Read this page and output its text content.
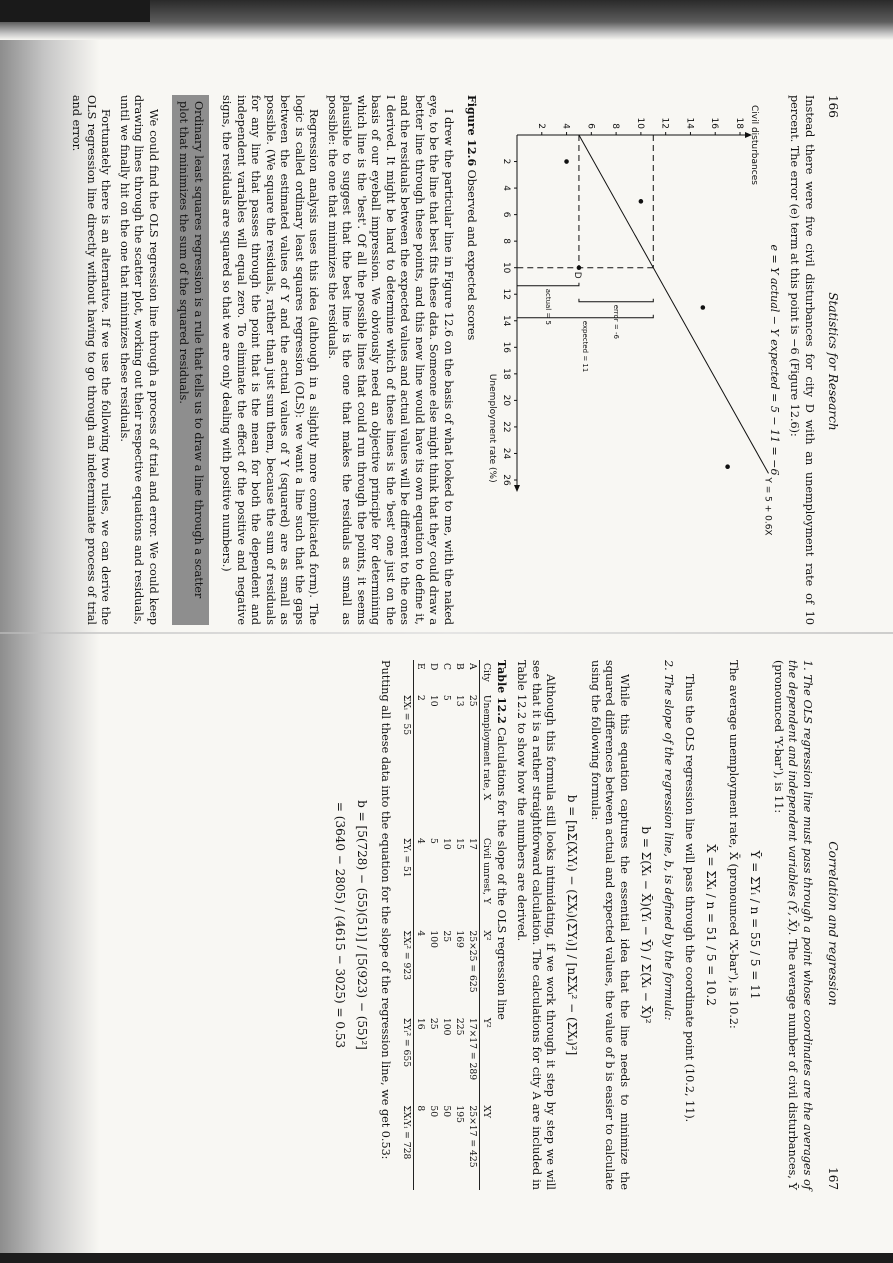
166
Statistics for Research

Instead there were five civil disturbances for city D with an unemployment rate of 10 percent. The error (e) term at this point is −6 (Figure 12.6):

e = Y actual − Y expected = 5 − 11 = −6
2
4
6
8
10
12
14
16
18
20
22
24
26
2 4 6 8 10 12 14 16 18 Civil disturbances
Unemployment rate (%)
Y = 5 + 0.6X
D
actual = 5	error = -6
expected = 11
Figure 12.6 Observed and expected scores

I drew the particular line in Figure 12.6 on the basis of what looked to me, with the naked eye, to be the line that best fits these data. Someone else might think that they could draw a better line through these points, and this new line would have its own equation to define it, and the residuals between the expected values and actual values will be different to the ones I derived. It might be hard to determine which of these lines is the 'best' one just on the basis of our eyeball impression. We obviously need an objective principle for determining which line is the 'best'. Of all the possible lines that could run through the points, it seems plausible to suggest that the best line is the one that makes the residuals as small as possible: the one that minimizes the residuals.

Regression analysis uses this idea (although in a slightly more complicated form). The logic is called ordinary least squares regression (OLS): we want a line such that the gaps between the estimated values of Y and the actual values of Y (squared) are as small as possible. (We square the residuals, rather than just sum them, because the sum of residuals for any line that passes through the point that is the mean for both the dependent and independent variables will equal zero. To eliminate the effect of the positive and negative signs, the residuals are squared so that we are only dealing with positive numbers.)

Ordinary least squares regression is a rule that tells us to draw a line through a scatter plot that minimizes the sum of the squared residuals.

We could find the OLS regression line through a process of trial and error. We could keep drawing lines through the scatter plot, working out their respective equations and residuals, until we finally hit on the one that minimizes these residuals.

Fortunately there is an alternative. If we use the following two rules, we can derive the OLS regression line directly without having to go through an indeterminate process of trial and error.

Correlation and regression
167

1. The OLS regression line must pass through a point whose coordinates are the averages of the dependent and independent variables (Ȳ, X̄). The average number of civil disturbances, Ȳ (pronounced 'Y-bar'), is 11:

Ȳ = ΣYᵢ / n = 55 / 5 = 11

The average unemployment rate, X̄ (pronounced 'X-bar'), is 10.2:

X̄ = ΣXᵢ / n = 51 / 5 = 10.2

Thus the OLS regression line will pass through the coordinate point (10.2, 11).

2. The slope of the regression line, b, is defined by the formula:

b = Σ(Xᵢ − X̄)(Yᵢ − Ȳ) / Σ(Xᵢ − X̄)²

While this equation captures the essential idea that the line needs to minimize the squared differences between actual and expected values, the value of b is easier to calculate using the following formula:

b = [nΣ(XᵢYᵢ) − (ΣXᵢ)(ΣYᵢ)] / [nΣXᵢ² − (ΣXᵢ)²]

Although this formula still looks intimidating, if we work through it step by step we will see that it is a rather straightforward calculation. The calculations for city A are included in Table 12.2 to show how the numbers are derived.

Table 12.2 Calculations for the slope of the OLS regression line
City	Unemployment rate, X	Civil unrest, Y	X²	Y²	XY
A	25	17	25×25 = 625	17×17 = 289	25×17 = 425
B	13	15	169	225	195
C	5	10	25	100	50
D	10	5	100	25	50
E	2	4	4	16	8
	ΣXᵢ = 55	ΣYᵢ = 51	ΣXᵢ² = 923	ΣYᵢ² = 655	ΣXᵢYᵢ = 728

Putting all these data into the equation for the slope of the regression line, we get 0.53:

b = [5(728) − (55)(51)] / [5(923) − (55)²]
= (3640 − 2805) / (4615 − 3025) = 0.53
